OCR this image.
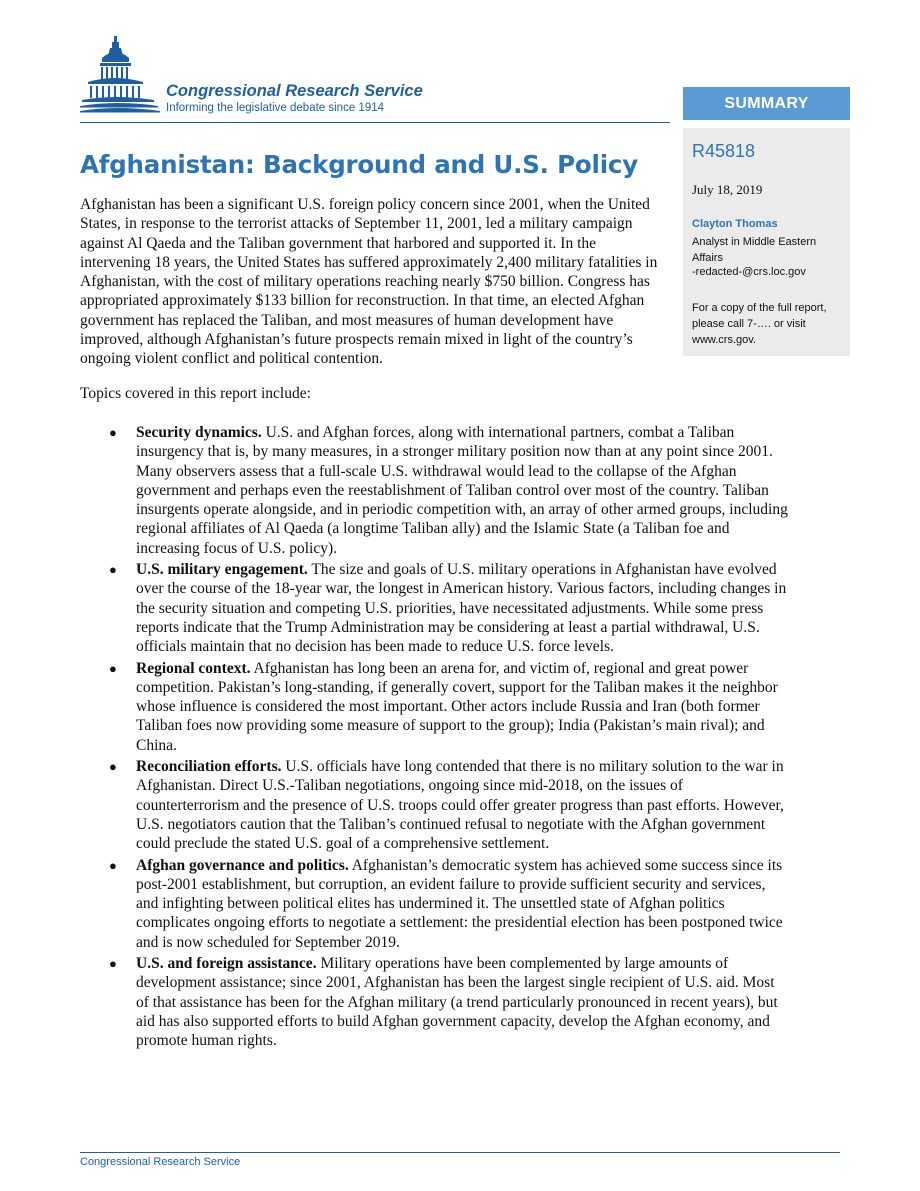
Congressional Research Service
Informing the legislative debate since 1914	SUMMARY
R45818
July 18, 2019
Clayton Thomas
Analyst in Middle Eastern Affairs
-redacted-@crs.loc.gov
For a copy of the full report, please call 7-…. or visit www.crs.gov.
Afghanistan: Background and U.S. Policy

Afghanistan has been a significant U.S. foreign policy concern since 2001, when the United States, in response to the terrorist attacks of September 11, 2001, led a military campaign against Al Qaeda and the Taliban government that harbored and supported it. In the intervening 18 years, the United States has suffered approximately 2,400 military fatalities in Afghanistan, with the cost of military operations reaching nearly $750 billion. Congress has appropriated approximately $133 billion for reconstruction. In that time, an elected Afghan government has replaced the Taliban, and most measures of human development have improved, although Afghanistan’s future prospects remain mixed in light of the country’s ongoing violent conflict and political contention.

Topics covered in this report include:

● Security dynamics. U.S. and Afghan forces, along with international partners, combat a Taliban insurgency that is, by many measures, in a stronger military position now than at any point since 2001. Many observers assess that a full-scale U.S. withdrawal would lead to the collapse of the Afghan government and perhaps even the reestablishment of Taliban control over most of the country. Taliban insurgents operate alongside, and in periodic competition with, an array of other armed groups, including regional affiliates of Al Qaeda (a longtime Taliban ally) and the Islamic State (a Taliban foe and increasing focus of U.S. policy).
● U.S. military engagement. The size and goals of U.S. military operations in Afghanistan have evolved over the course of the 18-year war, the longest in American history. Various factors, including changes in the security situation and competing U.S. priorities, have necessitated adjustments. While some press reports indicate that the Trump Administration may be considering at least a partial withdrawal, U.S. officials maintain that no decision has been made to reduce U.S. force levels.
● Regional context. Afghanistan has long been an arena for, and victim of, regional and great power competition. Pakistan’s long-standing, if generally covert, support for the Taliban makes it the neighbor whose influence is considered the most important. Other actors include Russia and Iran (both former Taliban foes now providing some measure of support to the group); India (Pakistan’s main rival); and China.
● Reconciliation efforts. U.S. officials have long contended that there is no military solution to the war in Afghanistan. Direct U.S.-Taliban negotiations, ongoing since mid-2018, on the issues of counterterrorism and the presence of U.S. troops could offer greater progress than past efforts. However, U.S. negotiators caution that the Taliban’s continued refusal to negotiate with the Afghan government could preclude the stated U.S. goal of a comprehensive settlement.
● Afghan governance and politics. Afghanistan’s democratic system has achieved some success since its post-2001 establishment, but corruption, an evident failure to provide sufficient security and services, and infighting between political elites has undermined it. The unsettled state of Afghan politics complicates ongoing efforts to negotiate a settlement: the presidential election has been postponed twice and is now scheduled for September 2019.
● U.S. and foreign assistance. Military operations have been complemented by large amounts of development assistance; since 2001, Afghanistan has been the largest single recipient of U.S. aid. Most of that assistance has been for the Afghan military (a trend particularly pronounced in recent years), but aid has also supported efforts to build Afghan government capacity, develop the Afghan economy, and promote human rights.
Congressional Research Service
